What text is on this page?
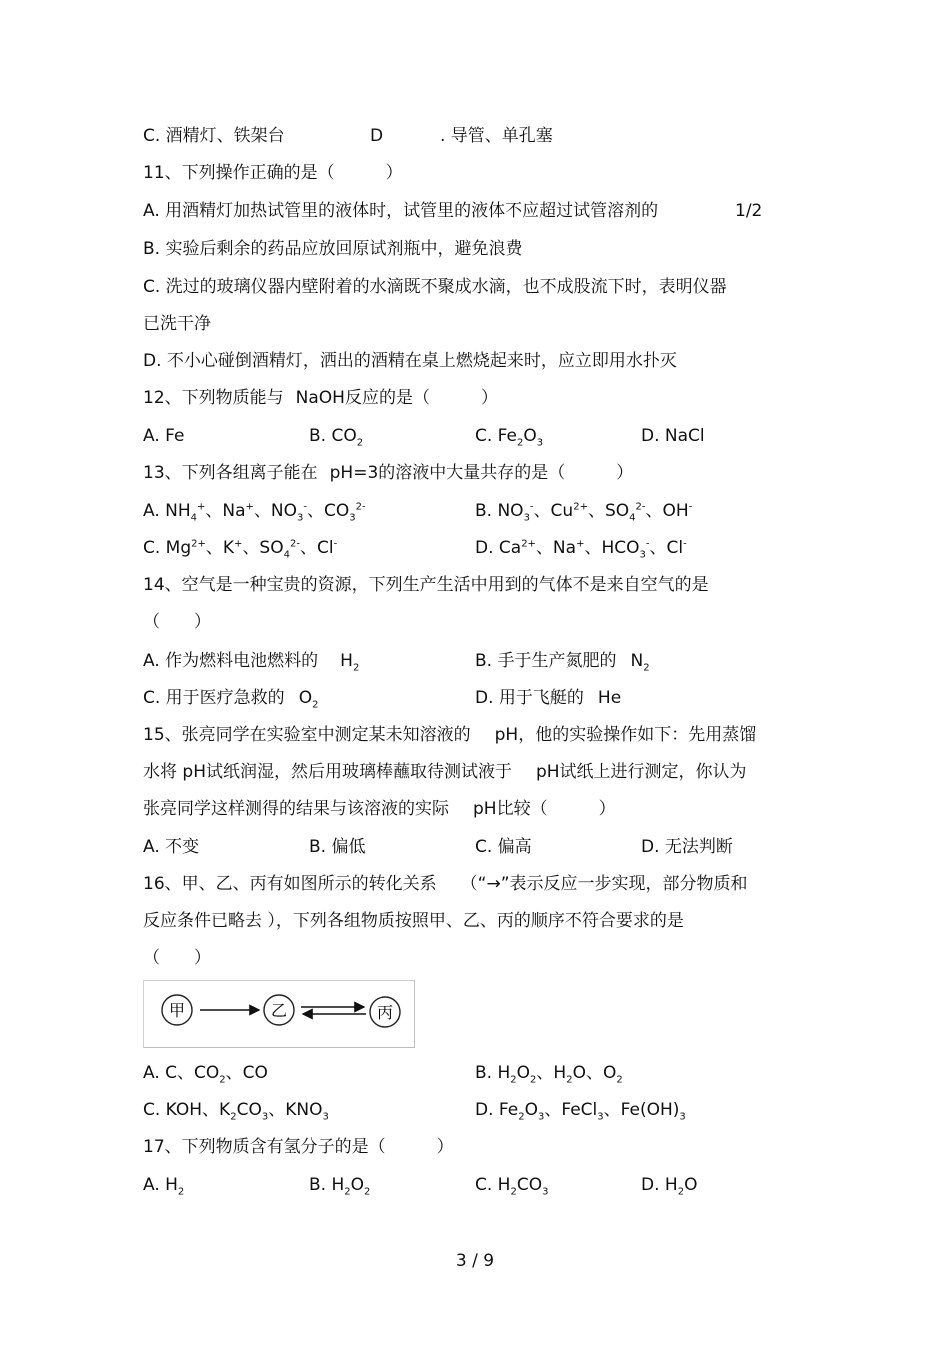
C. 酒精灯、铁架台	D	. 导管、单孔塞
11、下列操作正确的是（　　　）
A. 用酒精灯加热试管里的液体时，试管里的液体不应超过试管溶剂的	1/2
B. 实验后剩余的药品应放回原试剂瓶中，避免浪费
C. 洗过的玻璃仪器内壁附着的水滴既不聚成水滴，也不成股流下时，表明仪器
已洗干净
D. 不小心碰倒酒精灯，洒出的酒精在桌上燃烧起来时，应立即用水扑灭
12、下列物质能与 NaOH反应的是（　　　）
A. Fe	B. $CO_2$	C. $Fe_2O_3$	D. NaCl
13、下列各组离子能在 pH=3的溶液中大量共存的是（　　　）
A. $NH_4^+$、Na+、$NO_3^-$、$CO_3^{2-}$	B. $NO_3^-$、$Cu^{2+}$、$SO_4^{2-}$、OH-
C. $Mg^{2+}$、K+、$SO_4^{2-}$、Cl-	D. $Ca^{2+}$、Na+、$HCO_3^-$、Cl-
14、空气是一种宝贵的资源，下列生产生活中用到的气体不是来自空气的是
（　　）
A. 作为燃料电池燃料的 $H_2$	B. 手于生产氮肥的 $N_2$
C. 用于医疗急救的 $O_2$	D. 用于飞艇的 He
15、张亮同学在实验室中测定某未知溶液的 pH，他的实验操作如下：先用蒸馏
水将 pH试纸润湿，然后用玻璃棒蘸取待测试液于 pH试纸上进行测定，你认为
张亮同学这样测得的结果与该溶液的实际 pH比较（　　　）
A. 不变	B. 偏低	C. 偏高	D. 无法判断
16、甲、乙、丙有如图所示的转化关系 （“→”表示反应一步实现，部分物质和
反应条件已略去 ），下列各组物质按照甲、乙、丙的顺序不符合要求的是
（　　）
甲	乙	丙
A. C、$CO_2$、CO	B. $H_2O_2$、$H_2O$、$O_2$
C. KOH、$K_2CO_3$、$KNO_3$	D. $Fe_2O_3$、FeCl$_3$、$Fe(OH)_3$
17、下列物质含有氢分子的是（　　　）
A. $H_2$	B. $H_2O_2$	C. $H_2CO_3$	D. $H_2O$
3 / 9
